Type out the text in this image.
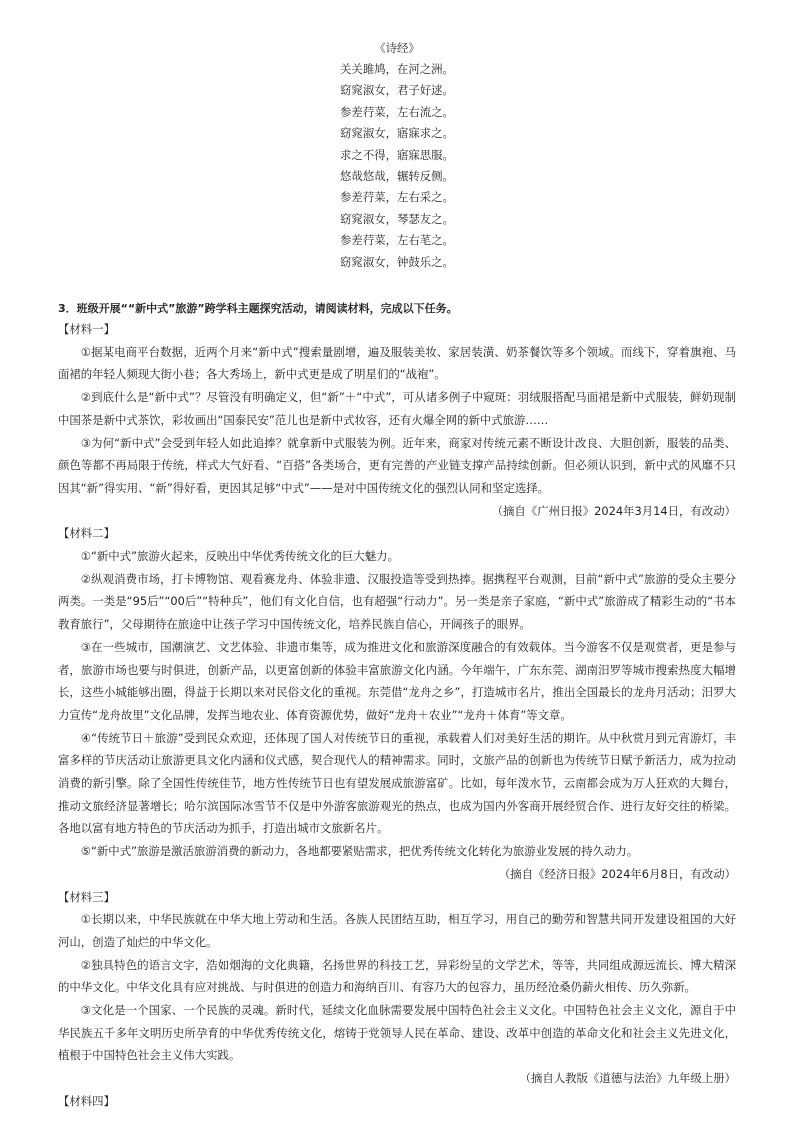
《诗经》
关关雎鸠，在河之洲。
窈窕淑女，君子好逑。
参差荇菜，左右流之。
窈窕淑女，寤寐求之。
求之不得，寤寐思服。
悠哉悠哉，辗转反侧。
参差荇菜，左右采之。
窈窕淑女，琴瑟友之。
参差荇菜，左右芼之。
窈窕淑女，钟鼓乐之。
3．班级开展““新中式”旅游”跨学科主题探究活动，请阅读材料，完成以下任务。
【材料一】

①据某电商平台数据，近两个月来“新中式”搜索量剧增，遍及服装美妆、家居装潢、奶茶餐饮等多个领域。而线下，穿着旗袍、马面裙的年轻人频现大街小巷；各大秀场上，新中式更是成了明星们的“战袍”。

②到底什么是“新中式”？尽管没有明确定义，但“新”＋“中式”，可从诸多例子中窥斑：羽绒服搭配马面裙是新中式服装，鲜奶现制中国茶是新中式茶饮，彩妆画出“国泰民安”范儿也是新中式妆容，还有火爆全网的新中式旅游……

③为何“新中式”会受到年轻人如此追捧？就拿新中式服装为例。近年来，商家对传统元素不断设计改良、大胆创新，服装的品类、颜色等都不再局限于传统，样式大气好看、“百搭”各类场合，更有完善的产业链支撑产品持续创新。但必须认识到，新中式的风靡不只因其“新”得实用、“新”得好看，更因其足够“中式”——是对中国传统文化的强烈认同和坚定选择。

（摘自《广州日报》2024年3月14日，有改动）

【材料二】

①“新中式”旅游火起来，反映出中华优秀传统文化的巨大魅力。

②纵观消费市场，打卡博物馆、观看赛龙舟、体验非遗、汉服投造等受到热捧。据携程平台观测，目前“新中式”旅游的受众主要分两类。一类是“95后”“00后”“特种兵”，他们有文化自信，也有超强“行动力”。另一类是亲子家庭，“新中式”旅游成了精彩生动的“书本教育旅行”，父母期待在旅途中让孩子学习中国传统文化，培养民族自信心，开阔孩子的眼界。

③在一些城市，国潮演艺、文艺体验、非遗市集等，成为推进文化和旅游深度融合的有效载体。当今游客不仅是观赏者，更是参与者，旅游市场也要与时俱进，创新产品，以更富创新的体验丰富旅游文化内涵。今年端午，广东东莞、湖南汨罗等城市搜索热度大幅增长，这些小城能够出圈，得益于长期以来对民俗文化的重视。东莞借“龙舟之乡”，打造城市名片，推出全国最长的龙舟月活动；汨罗大力宣传“龙舟故里”文化品牌，发挥当地农业、体育资源优势，做好“龙舟＋农业”“龙舟＋体育”等文章。

④“传统节日＋旅游”受到民众欢迎，还体现了国人对传统节日的重视，承载着人们对美好生活的期许。从中秋赏月到元宵游灯，丰富多样的节庆活动让旅游更具文化内涵和仪式感，契合现代人的精神需求。同时，文旅产品的创新也为传统节日赋予新活力，成为拉动消费的新引擎。除了全国性传统佳节，地方性传统节日也有望发展成旅游富矿。比如，每年泼水节，云南都会成为万人狂欢的大舞台，推动文旅经济显著增长；哈尔滨国际冰雪节不仅是中外游客旅游观光的热点，也成为国内外客商开展经贸合作、进行友好交往的桥梁。各地以富有地方特色的节庆活动为抓手，打造出城市文旅新名片。

⑤“新中式”旅游是激活旅游消费的新动力，各地都要紧贴需求，把优秀传统文化转化为旅游业发展的持久动力。

（摘自《经济日报》2024年6月8日，有改动）

【材料三】

①长期以来，中华民族就在中华大地上劳动和生活。各族人民团结互助，相互学习，用自己的勤劳和智慧共同开发建设祖国的大好河山，创造了灿烂的中华文化。

②独具特色的语言文字，浩如烟海的文化典籍，名扬世界的科技工艺，异彩纷呈的文学艺术，等等，共同组成源远流长、博大精深的中华文化。中华文化具有应对挑战、与时俱进的创造力和海纳百川、有容乃大的包容力，虽历经沧桑仍薪火相传、历久弥新。

③文化是一个国家、一个民族的灵魂。新时代，延续文化血脉需要发展中国特色社会主义文化。中国特色社会主义文化，源自于中华民族五千多年文明历史所孕育的中华优秀传统文化，熔铸于党领导人民在革命、建设、改革中创造的革命文化和社会主义先进文化，植根于中国特色社会主义伟大实践。

（摘自人教版《道德与法治》九年级上册）

【材料四】
